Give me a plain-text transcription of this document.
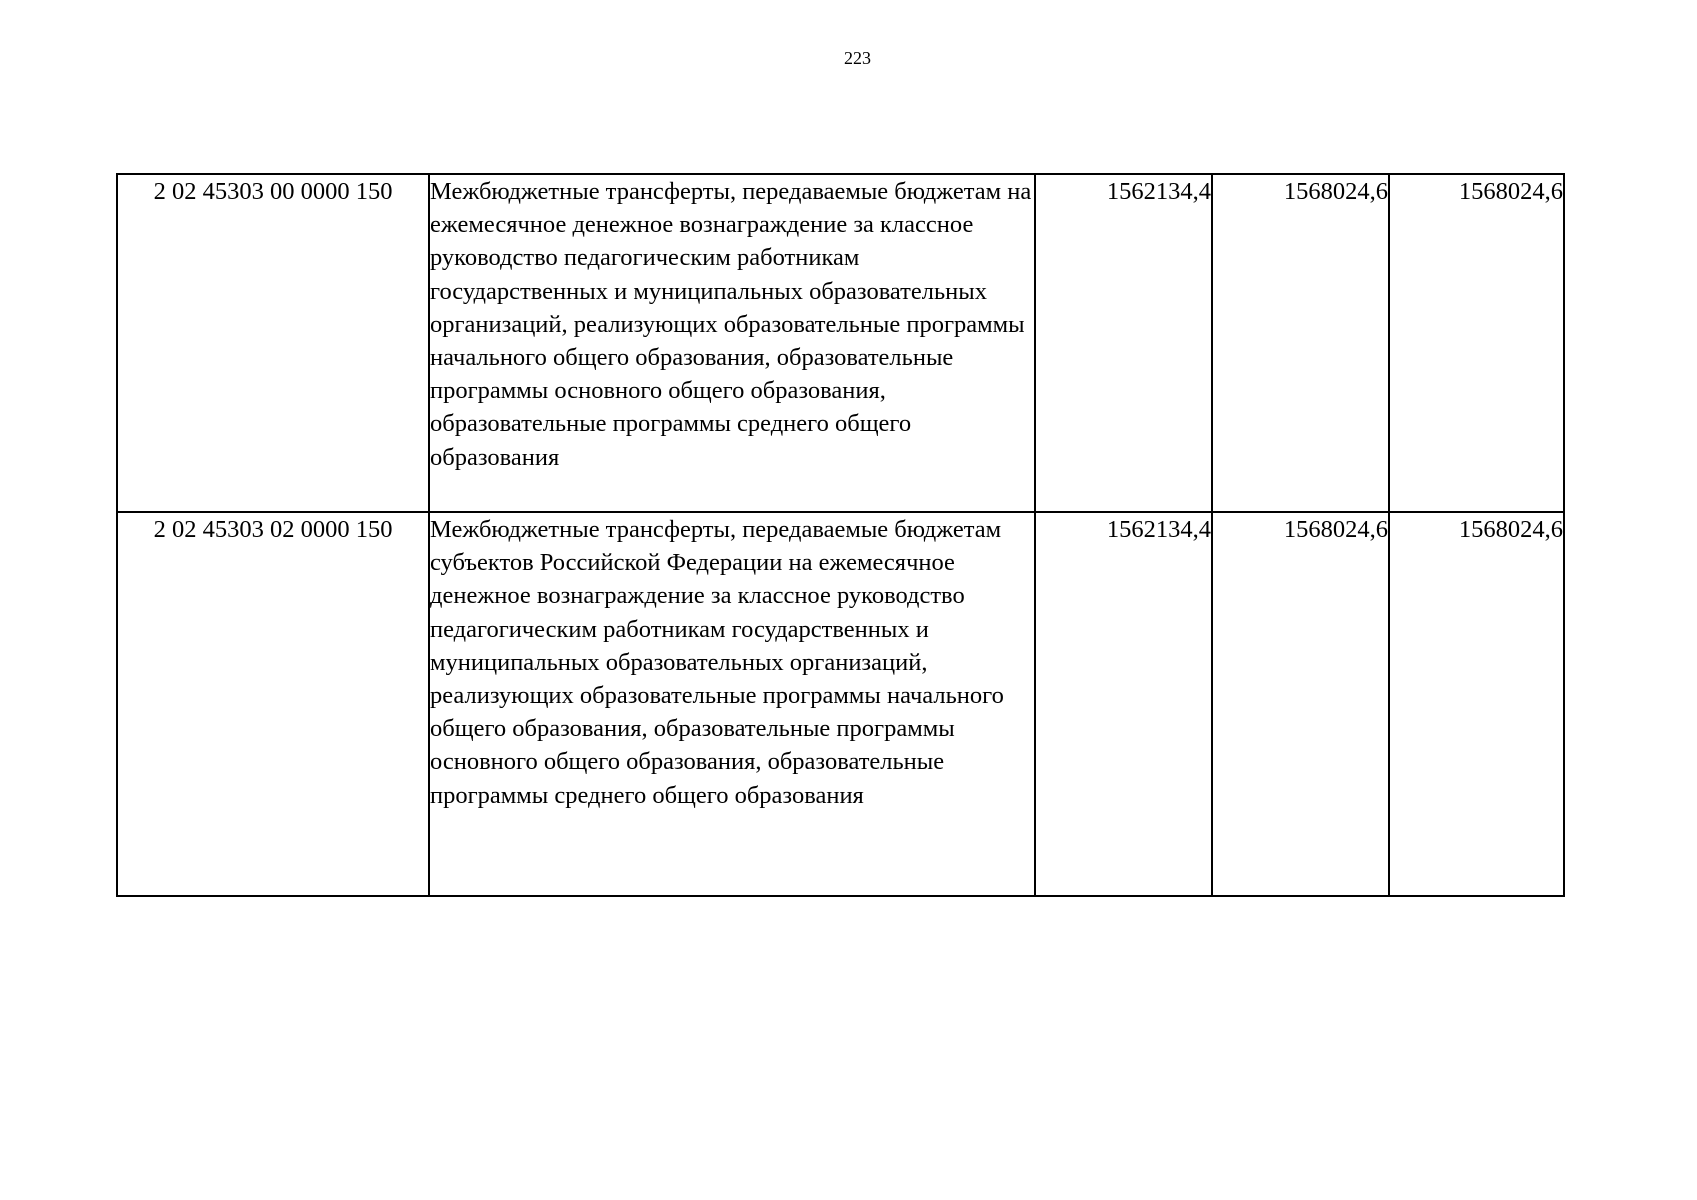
223
2 02 45303 00 0000 150	Межбюджетные трансферты, передаваемые бюджетам на ежемесячное денежное вознаграждение за классное руководство педагогическим работникам государственных и муниципальных образовательных организаций, реализующих образовательные программы начального общего образования, образовательные программы основного общего образования, образовательные программы среднего общего образования	1562134,4	1568024,6	1568024,6
2 02 45303 02 0000 150	Межбюджетные трансферты, передаваемые бюджетам субъектов Российской Федерации на ежемесячное денежное вознаграждение за классное руководство педагогическим работникам государственных и муниципальных образовательных организаций, реализующих образовательные программы начального общего образования, образовательные программы основного общего образования, образовательные программы среднего общего образования	1562134,4	1568024,6	1568024,6
